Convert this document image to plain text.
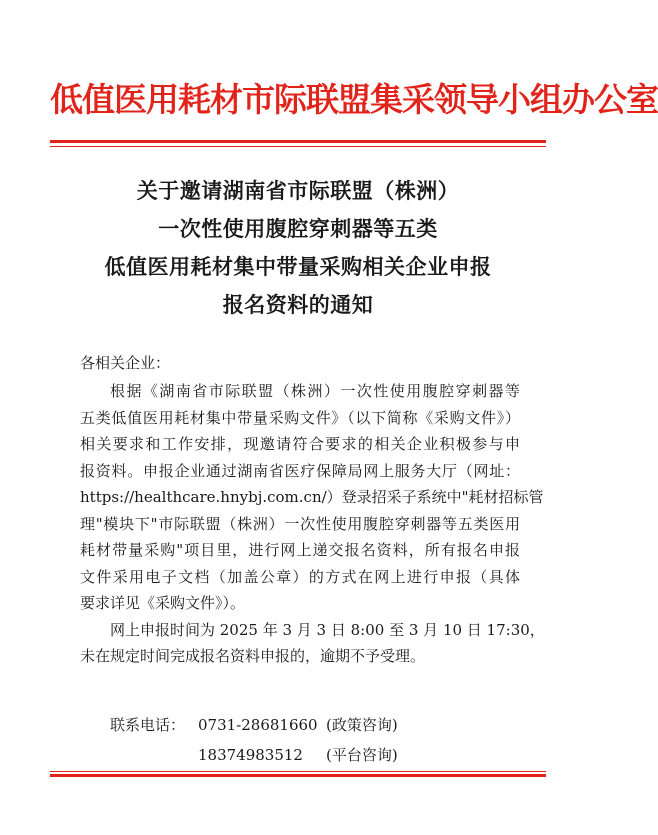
低值医用耗材市际联盟集采领导小组办公室
关于邀请湖南省市际联盟（株洲）
一次性使用腹腔穿刺器等五类
低值医用耗材集中带量采购相关企业申报
报名资料的通知
各相关企业：

根据《湖南省市际联盟（株洲）一次性使用腹腔穿刺器等
五类低值医用耗材集中带量采购文件》（以下简称《采购文件》）
相关要求和工作安排，现邀请符合要求的相关企业积极参与申
报资料。申报企业通过湖南省医疗保障局网上服务大厅（网址：
https://healthcare.hnybj.com.cn/）登录招采子系统中"耗材招标管
理"模块下"市际联盟（株洲）一次性使用腹腔穿刺器等五类医用
耗材带量采购"项目里，进行网上递交报名资料，所有报名申报
文件采用电子文档（加盖公章）的方式在网上进行申报（具体
要求详见《采购文件》）。

网上申报时间为 2025 年 3 月 3 日 8:00 至 3 月 10 日 17:30，
未在规定时间完成报名资料申报的，逾期不予受理。

联系电话： 0731-28681660 (政策咨询)
18374983512 (平台咨询)
